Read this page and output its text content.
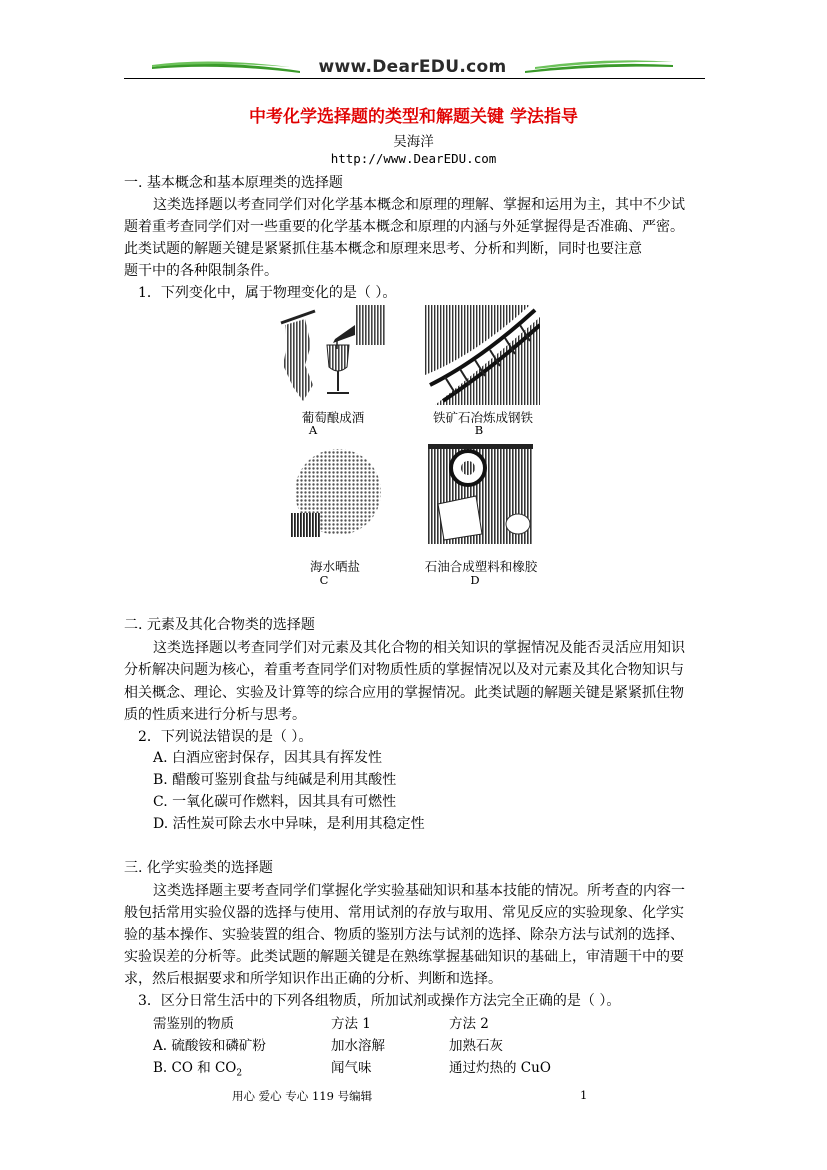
www.DearEDU.com
中考化学选择题的类型和解题关键 学法指导
吴海洋
http://www.DearEDU.com
一. 基本概念和基本原理类的选择题
这类选择题以考查同学们对化学基本概念和原理的理解、掌握和运用为主，其中不少试
题着重考查同学们对一些重要的化学基本概念和原理的内涵与外延掌握得是否准确、严密。
此类试题的解题关键是紧紧抓住基本概念和原理来思考、分析和判断，同时也要注意
题干中的各种限制条件。
1．下列变化中，属于物理变化的是（ ）。
葡萄酿成酒
A
铁矿石冶炼成钢铁
B
海水晒盐
C
石油合成塑料和橡胶
D
二. 元素及其化合物类的选择题
这类选择题以考查同学们对元素及其化合物的相关知识的掌握情况及能否灵活应用知识
分析解决问题为核心，着重考查同学们对物质性质的掌握情况以及对元素及其化合物知识与
相关概念、理论、实验及计算等的综合应用的掌握情况。此类试题的解题关键是紧紧抓住物
质的性质来进行分析与思考。
2．下列说法错误的是（ ）。
A. 白酒应密封保存，因其具有挥发性
B. 醋酸可鉴别食盐与纯碱是利用其酸性
C. 一氧化碳可作燃料，因其具有可燃性
D. 活性炭可除去水中异味，是利用其稳定性
三. 化学实验类的选择题
这类选择题主要考查同学们掌握化学实验基础知识和基本技能的情况。所考查的内容一
般包括常用实验仪器的选择与使用、常用试剂的存放与取用、常见反应的实验现象、化学实
验的基本操作、实验装置的组合、物质的鉴别方法与试剂的选择、除杂方法与试剂的选择、
实验误差的分析等。此类试题的解题关键是在熟练掌握基础知识的基础上，审清题干中的要
求，然后根据要求和所学知识作出正确的分析、判断和选择。
3．区分日常生活中的下列各组物质，所加试剂或操作方法完全正确的是（ ）。
需鉴别的物质	方法 1	方法 2
A. 硫酸铵和磷矿粉	加水溶解	加熟石灰
B. CO 和 $CO_2$	闻气味	通过灼热的 CuO
用心 爱心 专心 119 号编辑	1
